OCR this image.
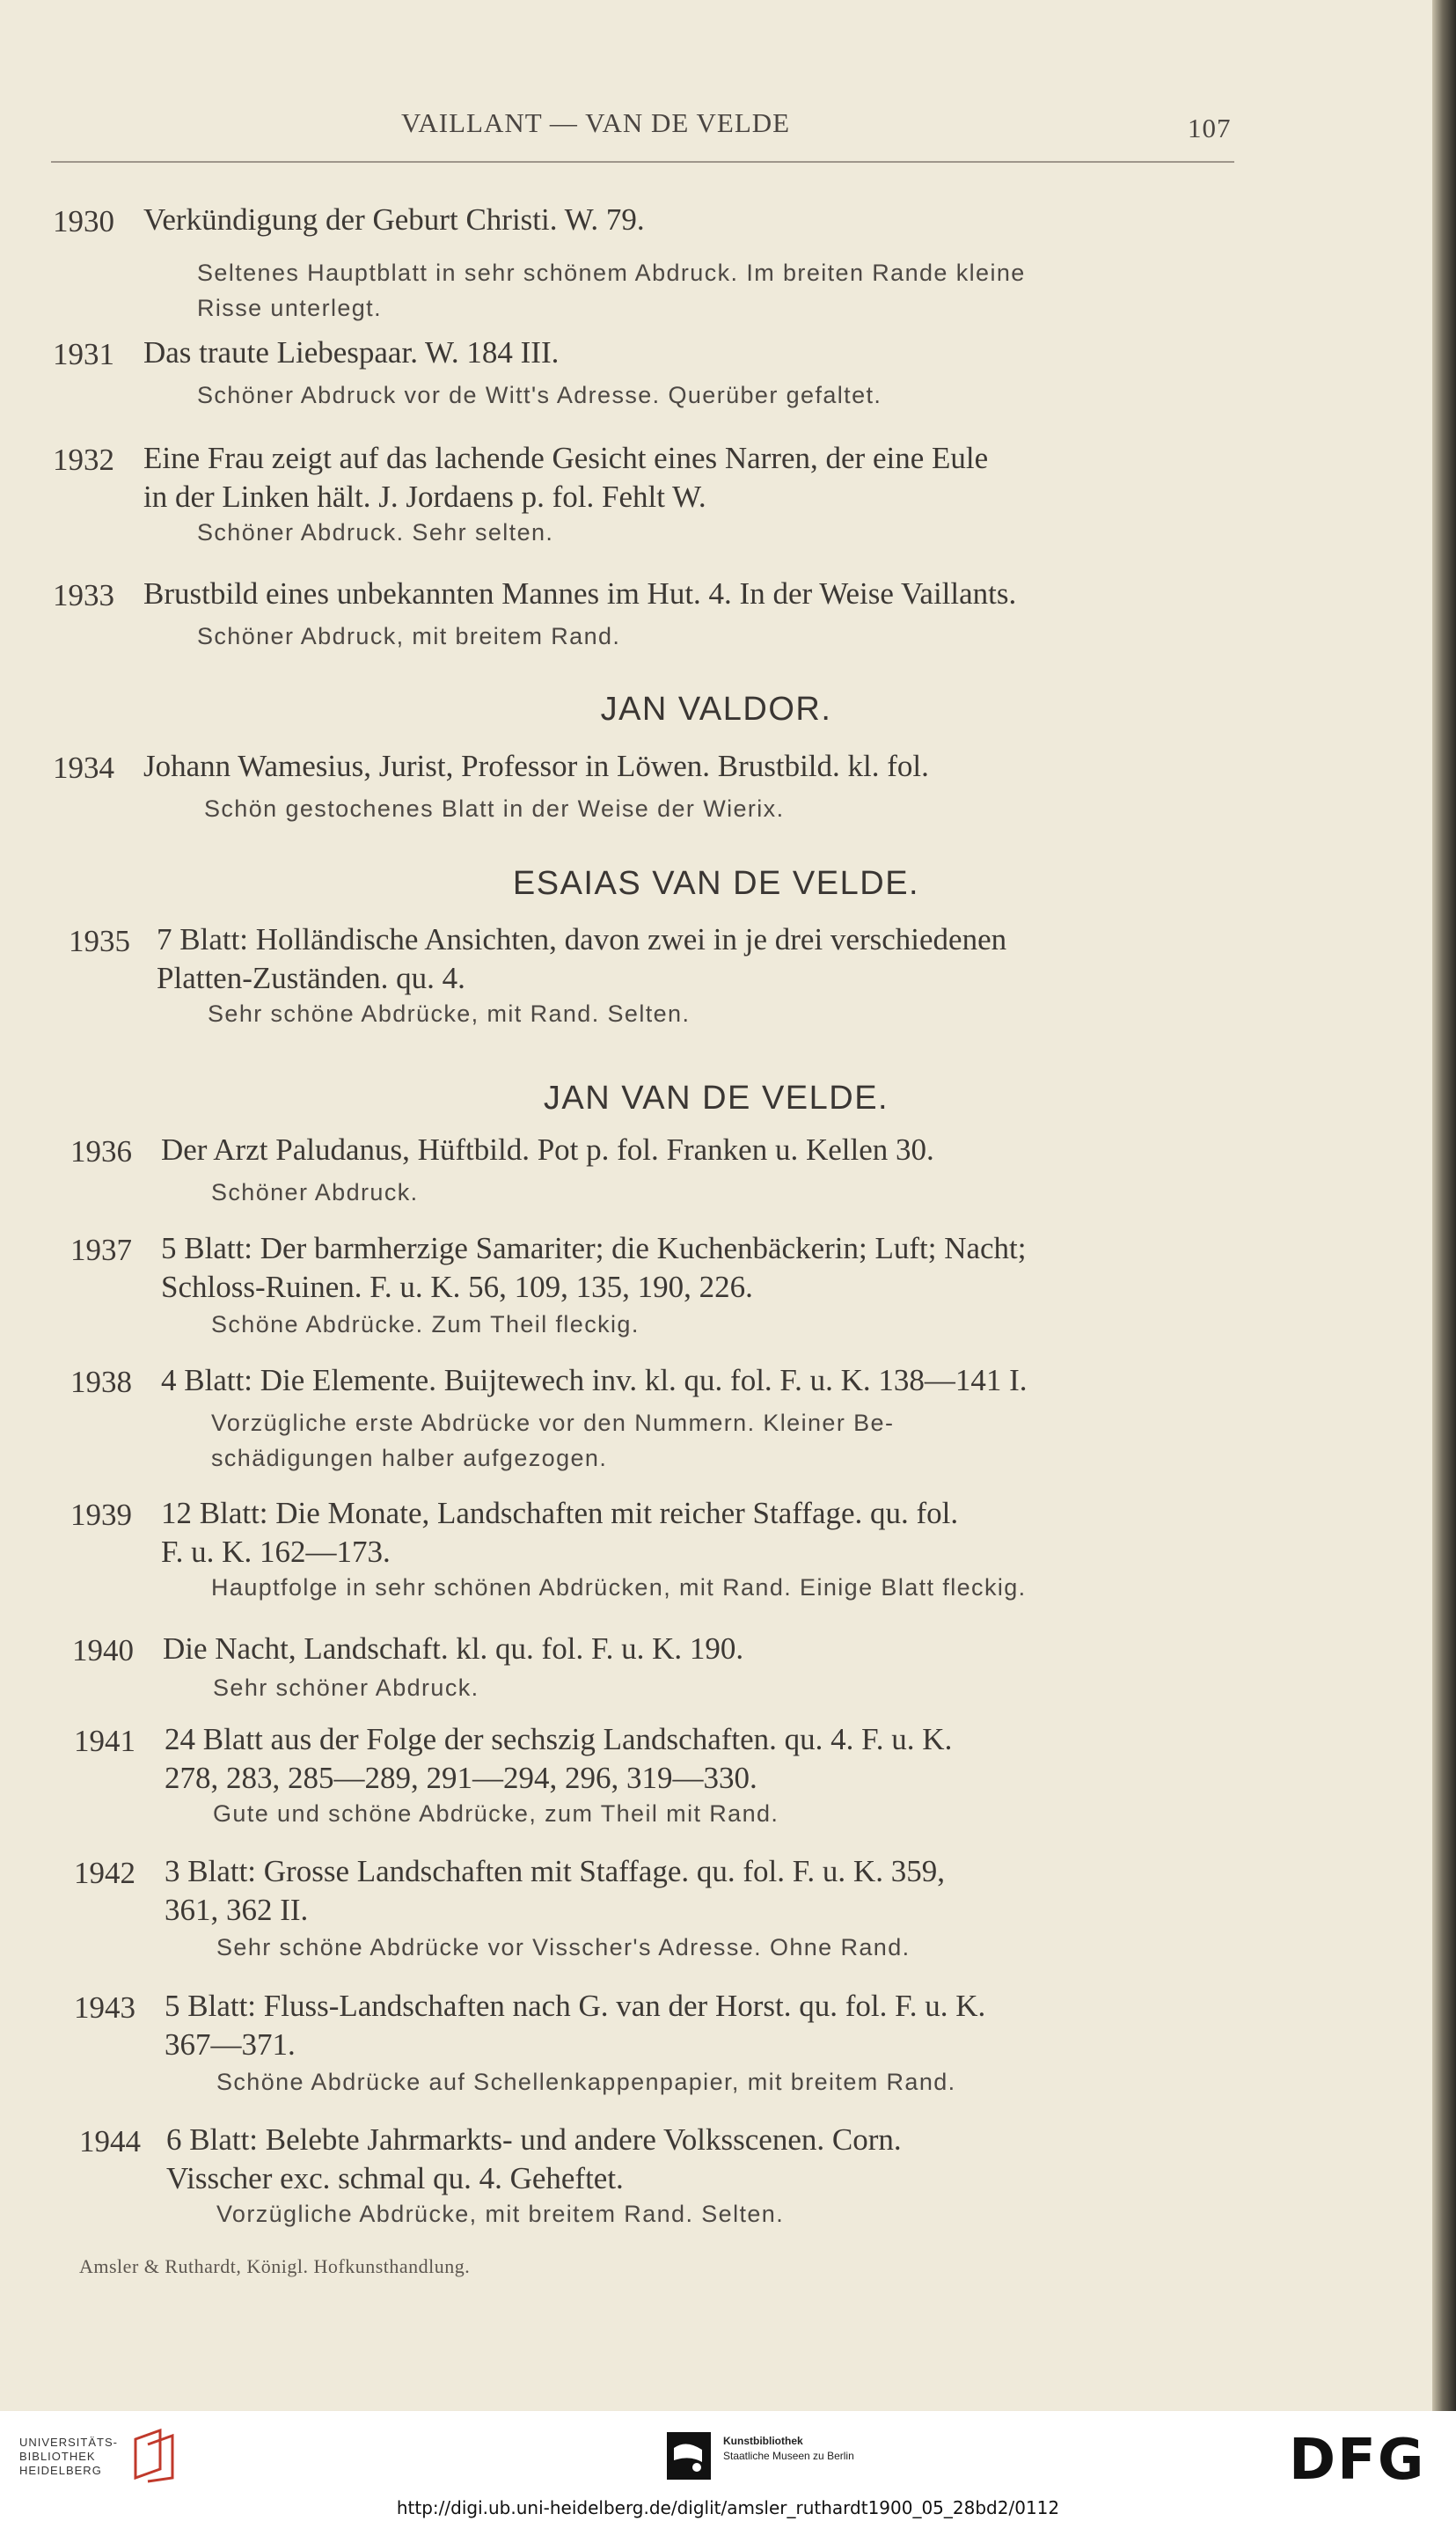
VAILLANT — VAN DE VELDE	107
1930 Verkündigung der Geburt Christi. W. 79.
Seltenes Hauptblatt in sehr schönem Abdruck. Im breiten Rande kleine
Risse unterlegt.
1931 Das traute Liebespaar. W. 184 III.
Schöner Abdruck vor de Witt's Adresse. Querüber gefaltet.
1932 Eine Frau zeigt auf das lachende Gesicht eines Narren, der eine Eule
in der Linken hält. J. Jordaens p. fol. Fehlt W.
Schöner Abdruck. Sehr selten.
1933 Brustbild eines unbekannten Mannes im Hut. 4. In der Weise Vaillants.
Schöner Abdruck, mit breitem Rand.
JAN VALDOR.
1934 Johann Wamesius, Jurist, Professor in Löwen. Brustbild. kl. fol.
Schön gestochenes Blatt in der Weise der Wierix.
ESAIAS VAN DE VELDE.
1935 7 Blatt: Holländische Ansichten, davon zwei in je drei verschiedenen
Platten-Zuständen. qu. 4.
Sehr schöne Abdrücke, mit Rand. Selten.
JAN VAN DE VELDE.
1936 Der Arzt Paludanus, Hüftbild. Pot p. fol. Franken u. Kellen 30.
Schöner Abdruck.
1937 5 Blatt: Der barmherzige Samariter; die Kuchenbäckerin; Luft; Nacht;
Schloss-Ruinen. F. u. K. 56, 109, 135, 190, 226.
Schöne Abdrücke. Zum Theil fleckig.
1938 4 Blatt: Die Elemente. Buijtewech inv. kl. qu. fol. F. u. K. 138—141 I.
Vorzügliche erste Abdrücke vor den Nummern. Kleiner Be-
schädigungen halber aufgezogen.
1939 12 Blatt: Die Monate, Landschaften mit reicher Staffage. qu. fol.
F. u. K. 162—173.
Hauptfolge in sehr schönen Abdrücken, mit Rand. Einige Blatt fleckig.
1940 Die Nacht, Landschaft. kl. qu. fol. F. u. K. 190.
Sehr schöner Abdruck.
1941 24 Blatt aus der Folge der sechszig Landschaften. qu. 4. F. u. K.
278, 283, 285—289, 291—294, 296, 319—330.
Gute und schöne Abdrücke, zum Theil mit Rand.
1942 3 Blatt: Grosse Landschaften mit Staffage. qu. fol. F. u. K. 359,
361, 362 II.
Sehr schöne Abdrücke vor Visscher's Adresse. Ohne Rand.
1943 5 Blatt: Fluss-Landschaften nach G. van der Horst. qu. fol. F. u. K.
367—371.
Schöne Abdrücke auf Schellenkappenpapier, mit breitem Rand.
1944 6 Blatt: Belebte Jahrmarkts- und andere Volksscenen. Corn.
Visscher exc. schmal qu. 4. Geheftet.
Vorzügliche Abdrücke, mit breitem Rand. Selten.
Amsler & Ruthardt, Königl. Hofkunsthandlung.
UNIVERSITÄTS-
BIBLIOTHEK
HEIDELBERG
Kunstbibliothek
Staatliche Museen zu Berlin	DFG
http://digi.ub.uni-heidelberg.de/diglit/amsler_ruthardt1900_05_28bd2/0112
